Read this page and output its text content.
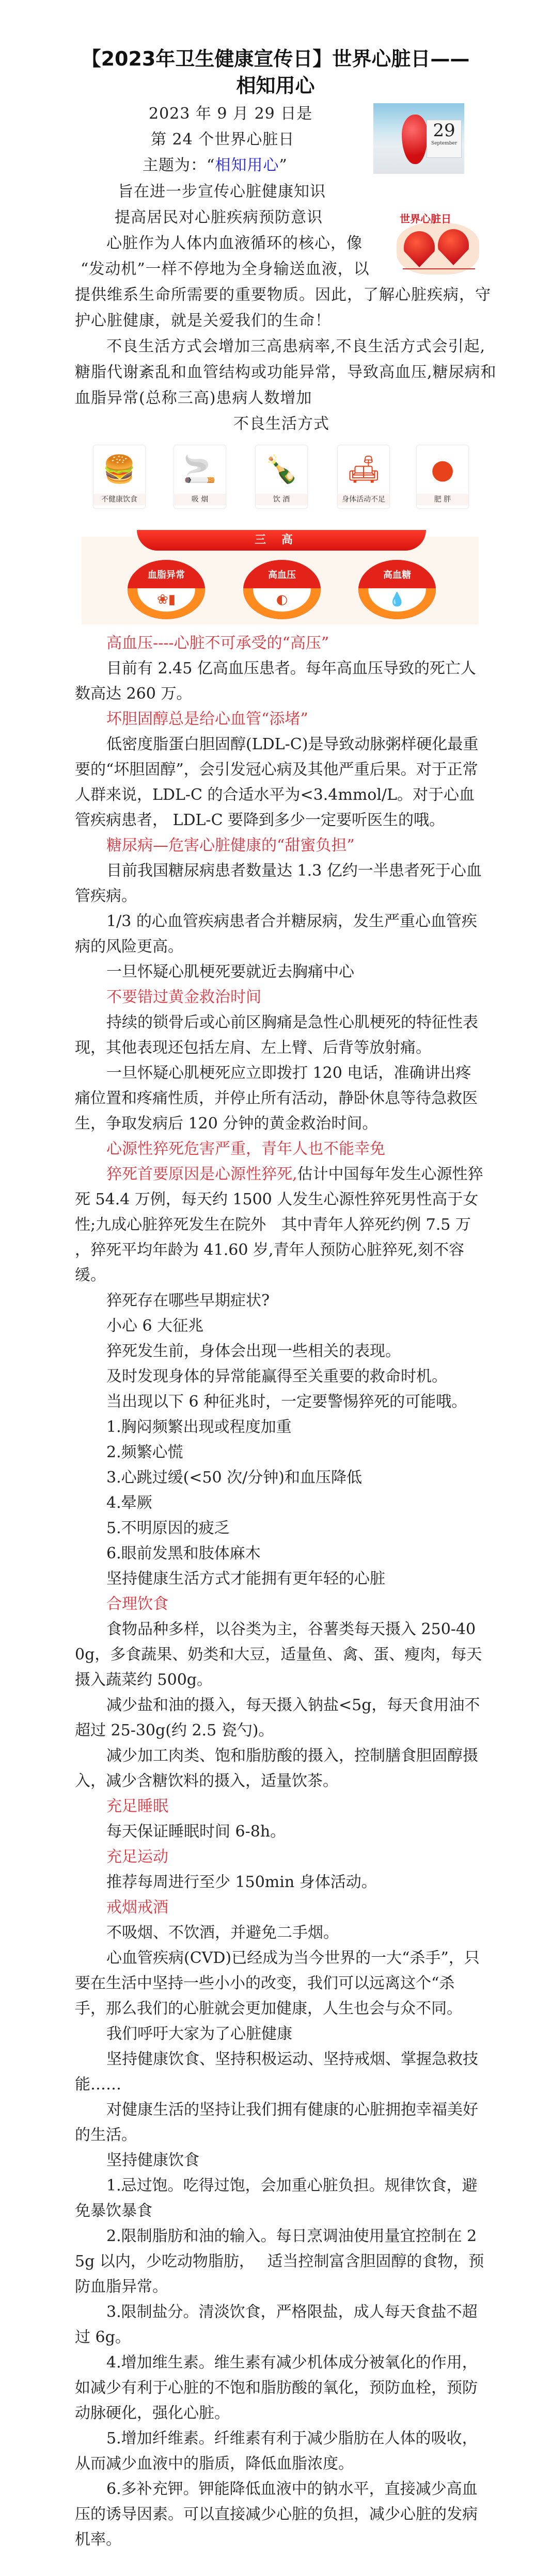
【2023年卫生健康宣传日】世界心脏日——
相知用心
2023 年 9 月 29 日是
第 24 个世界心脏日
主题为：“相知用心”
旨在进一步宣传心脏健康知识
提高居民对心脏疾病预防意识
心脏作为人体内血液循环的核心，像
“发动机”一样不停地为全身输送血液，以
提供维系生命所需要的重要物质。因此，了解心脏疾病，守
护心脏健康，就是关爱我们的生命！
不良生活方式会增加三高患病率,不良生活方式会引起,
糖脂代谢紊乱和血管结构或功能异常，导致高血压,糖尿病和
血脂异常(总称三高)患病人数增加
不良生活方式
29
September
世界心脏日
🍔
不健康饮食
🚬
吸 烟
🍾
饮 酒
🛋
身体活动不足
●
肥 胖
三高
血脂异常
❀▮
高血压
◐
高血糖
💧

高血压----心脏不可承受的“高压”

目前有 2.45 亿高血压患者。每年高血压导致的死亡人数高达 260 万。

坏胆固醇总是给心血管“添堵”

低密度脂蛋白胆固醇(LDL-C)是导致动脉粥样硬化最重要的“坏胆固醇”，会引发冠心病及其他严重后果。对于正常人群来说，LDL-C 的合适水平为<3.4mmol/L。对于心血管疾病患者， LDL-C 要降到多少一定要听医生的哦。

糖尿病—危害心脏健康的“甜蜜负担”

目前我国糖尿病患者数量达 1.3 亿约一半患者死于心血管疾病。

1/3 的心血管疾病患者合并糖尿病，发生严重心血管疾病的风险更高。

一旦怀疑心肌梗死要就近去胸痛中心

不要错过黄金救治时间

持续的锁骨后或心前区胸痛是急性心肌梗死的特征性表现，其他表现还包括左肩、左上臂、后背等放射痛。

一旦怀疑心肌梗死应立即拨打 120 电话，准确讲出疼痛位置和疼痛性质，并停止所有活动，静卧休息等待急救医生，争取发病后 120 分钟的黄金救治时间。

心源性猝死危害严重，青年人也不能幸免

猝死首要原因是心源性猝死,估计中国每年发生心源性猝死 54.4 万例，每天约 1500 人发生心源性猝死男性高于女性;九成心脏猝死发生在院外　其中青年人猝死约例 7.5 万 ，猝死平均年龄为 41.60 岁,青年人预防心脏猝死,刻不容缓。

猝死存在哪些早期症状?

小心 6 大征兆

猝死发生前，身体会出现一些相关的表现。

及时发现身体的异常能赢得至关重要的救命时机。

当出现以下 6 种征兆时，一定要警惕猝死的可能哦。

1.胸闷频繁出现或程度加重

2.频繁心慌

3.心跳过缓(<50 次/分钟)和血压降低

4.晕厥

5.不明原因的疲乏

6.眼前发黑和肢体麻木

坚持健康生活方式才能拥有更年轻的心脏

合理饮食

食物品种多样，以谷类为主，谷薯类每天摄入 250-400g，多食蔬果、奶类和大豆，适量鱼、禽、蛋、瘦肉，每天摄入蔬菜约 500g。

减少盐和油的摄入，每天摄入钠盐<5g，每天食用油不超过 25-30g(约 2.5 瓷勺)。

减少加工肉类、饱和脂肪酸的摄入，控制膳食胆固醇摄入，减少含糖饮料的摄入，适量饮茶。

充足睡眠

每天保证睡眠时间 6-8h。

充足运动

推荐每周进行至少 150min 身体活动。

戒烟戒酒

不吸烟、不饮酒，并避免二手烟。

心血管疾病(CVD)已经成为当今世界的一大“杀手”，只要在生活中坚持一些小小的改变，我们可以远离这个“杀手，那么我们的心脏就会更加健康，人生也会与众不同。

我们呼吁大家为了心脏健康

坚持健康饮食、坚持积极运动、坚持戒烟、掌握急救技能……

对健康生活的坚持让我们拥有健康的心脏拥抱幸福美好的生活。

坚持健康饮食

1.忌过饱。吃得过饱，会加重心脏负担。规律饮食，避免暴饮暴食

2.限制脂肪和油的输入。每日烹调油使用量宜控制在 25g 以内，少吃动物脂肪，　 适当控制富含胆固醇的食物，预防血脂异常。

3.限制盐分。清淡饮食，严格限盐，成人每天食盐不超过 6g。

4.增加维生素。维生素有减少机体成分被氧化的作用，如减少有利于心脏的不饱和脂肪酸的氧化，预防血栓，预防动脉硬化，强化心脏。

5.增加纤维素。纤维素有利于减少脂肪在人体的吸收，从而减少血液中的脂质，降低血脂浓度。

6.多补充钾。钾能降低血液中的钠水平，直接减少高血压的诱导因素。可以直接减少心脏的负担，减少心脏的发病机率。
